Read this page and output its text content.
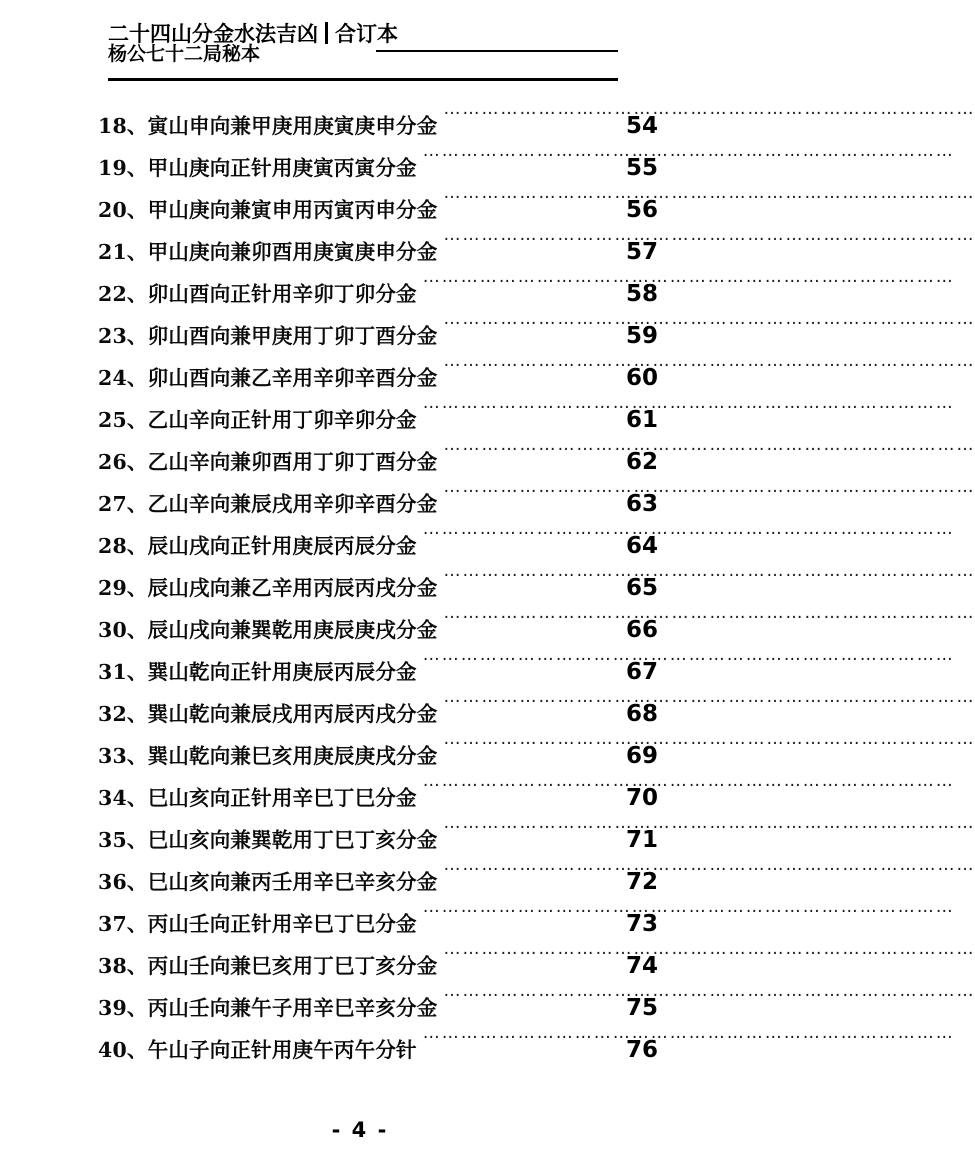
二十四山分金水法吉凶 合订本
杨公七十二局秘本
18、寅山申向兼甲庚用庚寅庚申分金
…………………………………………………………………………
54
19、甲山庚向正针用庚寅丙寅分金
…………………………………………………………………………
55
20、甲山庚向兼寅申用丙寅丙申分金
…………………………………………………………………………
56
21、甲山庚向兼卯酉用庚寅庚申分金
…………………………………………………………………………
57
22、卯山酉向正针用辛卯丁卯分金
…………………………………………………………………………
58
23、卯山酉向兼甲庚用丁卯丁酉分金
…………………………………………………………………………
59
24、卯山酉向兼乙辛用辛卯辛酉分金
…………………………………………………………………………
60
25、乙山辛向正针用丁卯辛卯分金
…………………………………………………………………………
61
26、乙山辛向兼卯酉用丁卯丁酉分金
…………………………………………………………………………
62
27、乙山辛向兼辰戌用辛卯辛酉分金
…………………………………………………………………………
63
28、辰山戌向正针用庚辰丙辰分金
…………………………………………………………………………
64
29、辰山戌向兼乙辛用丙辰丙戌分金
…………………………………………………………………………
65
30、辰山戌向兼巽乾用庚辰庚戌分金
…………………………………………………………………………
66
31、巽山乾向正针用庚辰丙辰分金
…………………………………………………………………………
67
32、巽山乾向兼辰戌用丙辰丙戌分金
…………………………………………………………………………
68
33、巽山乾向兼巳亥用庚辰庚戌分金
…………………………………………………………………………
69
34、巳山亥向正针用辛巳丁巳分金
…………………………………………………………………………
70
35、巳山亥向兼巽乾用丁巳丁亥分金
…………………………………………………………………………
71
36、巳山亥向兼丙壬用辛巳辛亥分金
…………………………………………………………………………
72
37、丙山壬向正针用辛巳丁巳分金
…………………………………………………………………………
73
38、丙山壬向兼巳亥用丁巳丁亥分金
…………………………………………………………………………
74
39、丙山壬向兼午子用辛巳辛亥分金
…………………………………………………………………………
75
40、午山子向正针用庚午丙午分针
…………………………………………………………………………
76
- 4 -
